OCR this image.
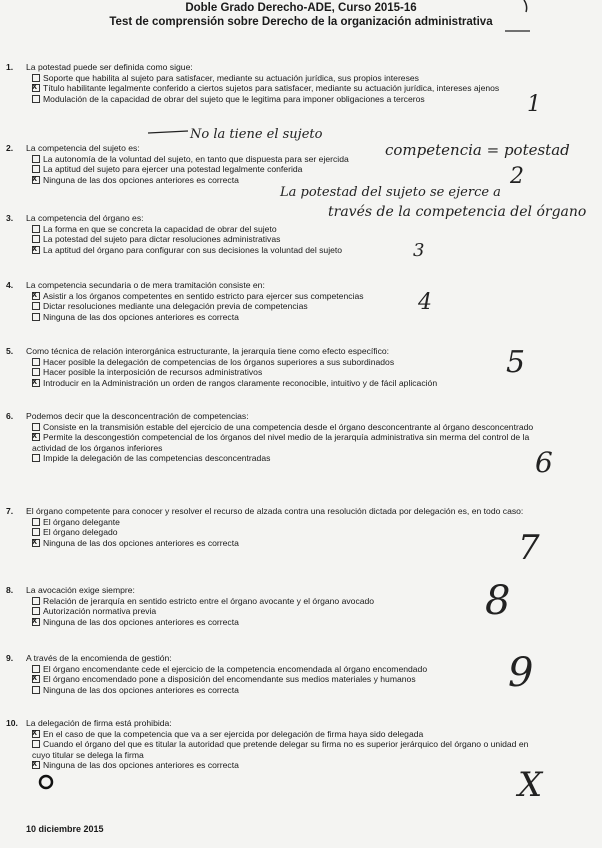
Doble Grado Derecho-ADE, Curso 2015-16
Test de comprensión sobre Derecho de la organización administrativa
1. La potestad puede ser definida como sigue:
Soporte que habilita al sujeto para satisfacer, mediante su actuación jurídica, sus propios intereses
xTítulo habilitante legalmente conferido a ciertos sujetos para satisfacer, mediante su actuación jurídica, intereses ajenos
Modulación de la capacidad de obrar del sujeto que le legitima para imponer obligaciones a terceros
2. La competencia del sujeto es:
La autonomía de la voluntad del sujeto, en tanto que dispuesta para ser ejercida
La aptitud del sujeto para ejercer una potestad legalmente conferida
xNinguna de las dos opciones anteriores es correcta
3. La competencia del órgano es:
La forma en que se concreta la capacidad de obrar del sujeto
La potestad del sujeto para dictar resoluciones administrativas
xLa aptitud del órgano para configurar con sus decisiones la voluntad del sujeto
4. La competencia secundaria o de mera tramitación consiste en:
xAsistir a los órganos competentes en sentido estricto para ejercer sus competencias
Dictar resoluciones mediante una delegación previa de competencias
Ninguna de las dos opciones anteriores es correcta
5. Como técnica de relación interorgánica estructurante, la jerarquía tiene como efecto específico:
Hacer posible la delegación de competencias de los órganos superiores a sus subordinados
Hacer posible la interposición de recursos administrativos
xIntroducir en la Administración un orden de rangos claramente reconocible, intuitivo y de fácil aplicación
6. Podemos decir que la desconcentración de competencias:
Consiste en la transmisión estable del ejercicio de una competencia desde el órgano desconcentrante al órgano desconcentrado
xPermite la descongestión competencial de los órganos del nivel medio de la jerarquía administrativa sin merma del control de la actividad de los órganos inferiores
Impide la delegación de las competencias desconcentradas
7. El órgano competente para conocer y resolver el recurso de alzada contra una resolución dictada por delegación es, en todo caso:
El órgano delegante
El órgano delegado
xNinguna de las dos opciones anteriores es correcta
8. La avocación exige siempre:
Relación de jerarquía en sentido estricto entre el órgano avocante y el órgano avocado
Autorización normativa previa
xNinguna de las dos opciones anteriores es correcta
9. A través de la encomienda de gestión:
El órgano encomendante cede el ejercicio de la competencia encomendada al órgano encomendado
xEl órgano encomendado pone a disposición del encomendante sus medios materiales y humanos
Ninguna de las dos opciones anteriores es correcta
10. La delegación de firma está prohibida:
xEn el caso de que la competencia que va a ser ejercida por delegación de firma haya sido delegada
Cuando el órgano del que es titular la autoridad que pretende delegar su firma no es superior jerárquico del órgano o unidad en cuyo titular se delega la firma
xNinguna de las dos opciones anteriores es correcta
10 diciembre 2015
No la tiene el sujeto
competencia = potestad
La potestad del sujeto se ejerce a
través de la competencia del órgano
1
2
3
4
5
6
7
8
9
X
